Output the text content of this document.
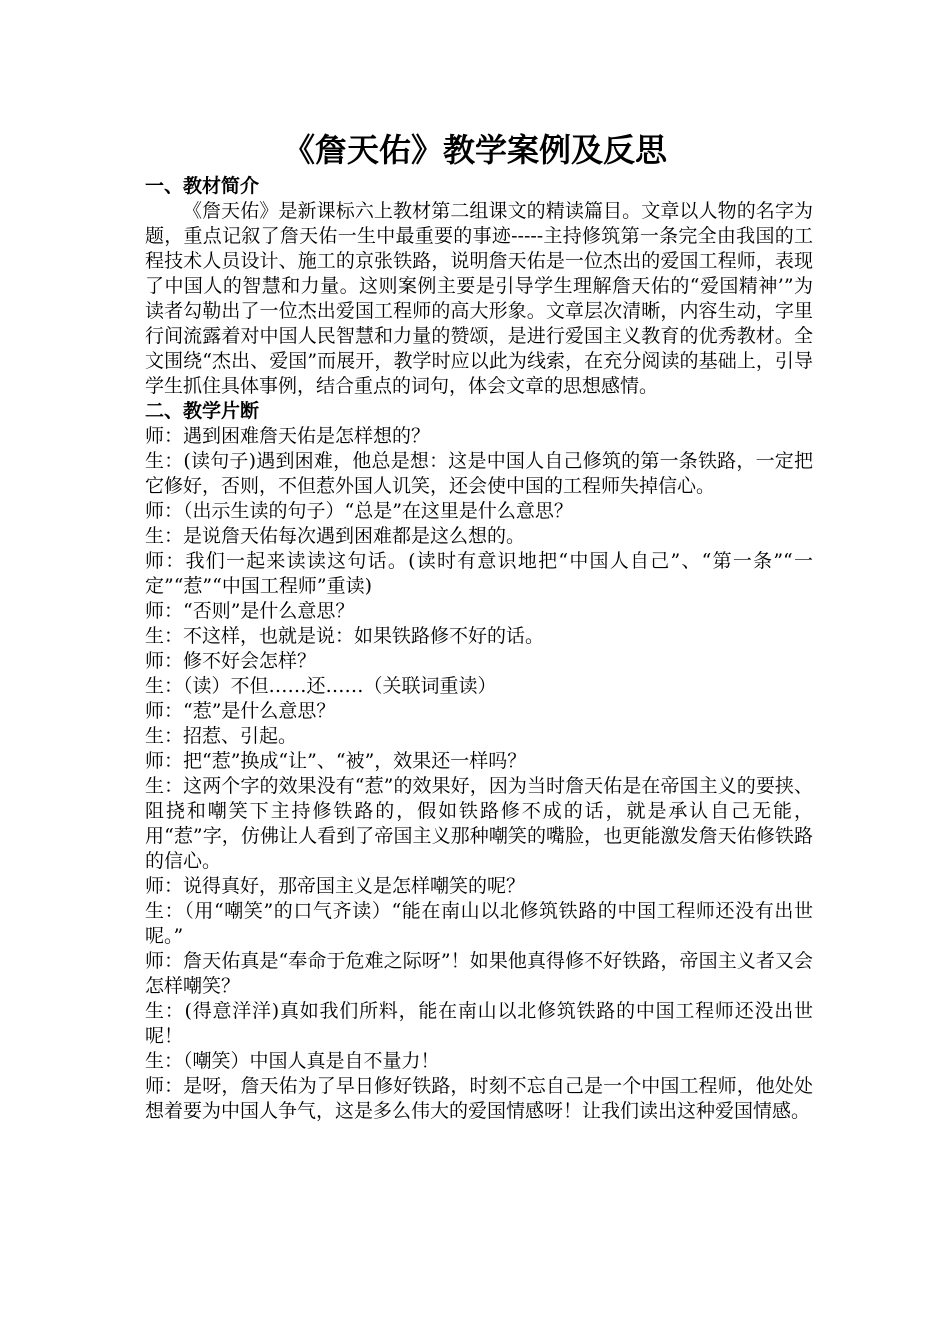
《詹天佑》教学案例及反思

一、教材简介

《詹天佑》是新课标六上教材第二组课文的精读篇目。文章以人物的名字为题，重点记叙了詹天佑一生中最重要的事迹-----主持修筑第一条完全由我国的工程技术人员设计、施工的京张铁路，说明詹天佑是一位杰出的爱国工程师，表现了中国人的智慧和力量。这则案例主要是引导学生理解詹天佑的“爱国精神’”为读者勾勒出了一位杰出爱国工程师的高大形象。文章层次清晰，内容生动，字里行间流露着对中国人民智慧和力量的赞颂，是进行爱国主义教育的优秀教材。全文围绕“杰出、爱国”而展开，教学时应以此为线索，在充分阅读的基础上，引导学生抓住具体事例，结合重点的词句，体会文章的思想感情。

二、教学片断

师：遇到困难詹天佑是怎样想的？

生：(读句子)遇到困难，他总是想：这是中国人自己修筑的第一条铁路，一定把它修好，否则，不但惹外国人讥笑，还会使中国的工程师失掉信心。

师：（出示生读的句子）“总是”在这里是什么意思？

生：是说詹天佑每次遇到困难都是这么想的。

师：我们一起来读读这句话。(读时有意识地把“中国人自己”、“第一条”“一定”“惹”“中国工程师”重读)

师：“否则”是什么意思？

生：不这样，也就是说：如果铁路修不好的话。

师：修不好会怎样？

生：（读）不但……还……（关联词重读）

师：“惹”是什么意思？

生：招惹、引起。

师：把“惹”换成“让”、“被”，效果还一样吗？

生：这两个字的效果没有“惹”的效果好，因为当时詹天佑是在帝国主义的要挟、阻挠和嘲笑下主持修铁路的，假如铁路修不成的话，就是承认自己无能，用“惹”字，仿佛让人看到了帝国主义那种嘲笑的嘴脸，也更能激发詹天佑修铁路的信心。

师：说得真好，那帝国主义是怎样嘲笑的呢？

生：（用“嘲笑”的口气齐读）“能在南山以北修筑铁路的中国工程师还没有出世呢。”

师：詹天佑真是“奉命于危难之际呀”！如果他真得修不好铁路，帝国主义者又会怎样嘲笑？

生：(得意洋洋)真如我们所料，能在南山以北修筑铁路的中国工程师还没出世呢！

生：（嘲笑）中国人真是自不量力！

师：是呀，詹天佑为了早日修好铁路，时刻不忘自己是一个中国工程师，他处处想着要为中国人争气，这是多么伟大的爱国情感呀！让我们读出这种爱国情感。
